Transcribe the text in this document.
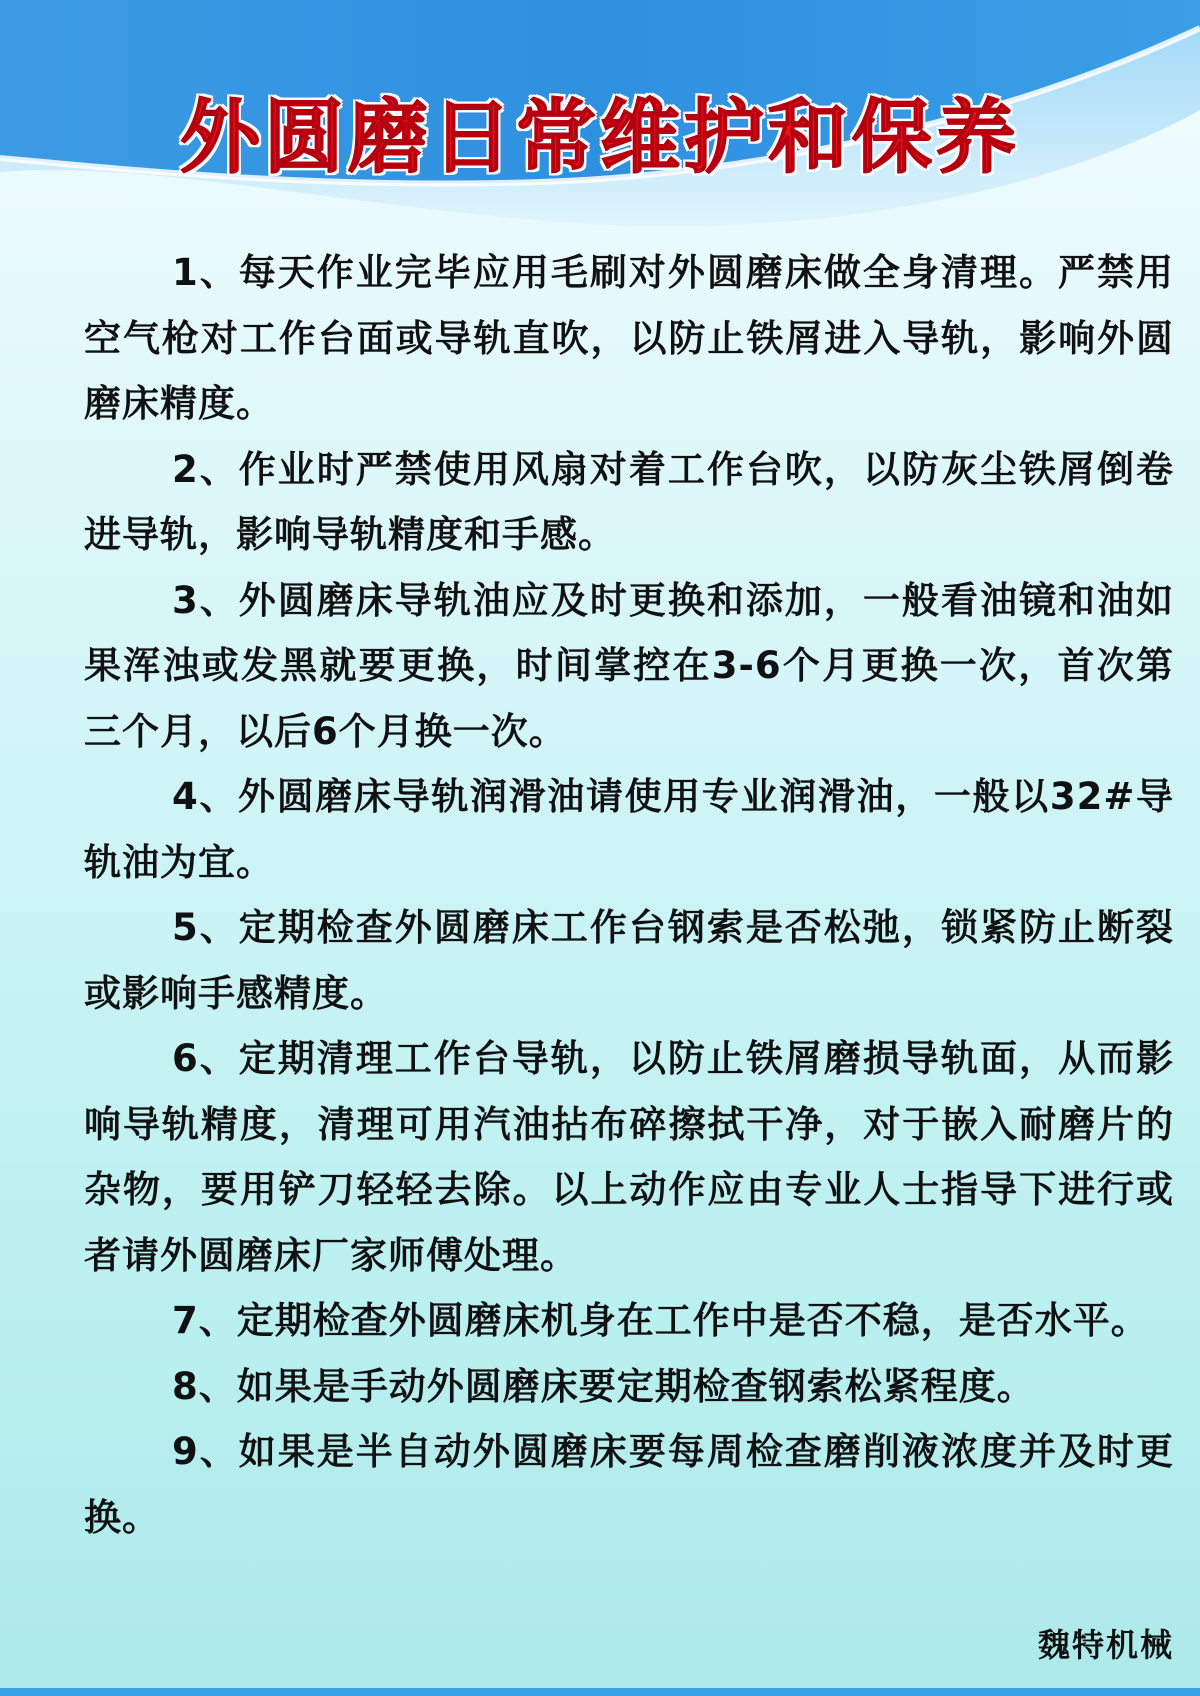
外圆磨日常维护和保养

1、每天作业完毕应用毛刷对外圆磨床做全身清理。严禁用空气枪对工作台面或导轨直吹，以防止铁屑进入导轨，影响外圆磨床精度。

2、作业时严禁使用风扇对着工作台吹，以防灰尘铁屑倒卷进导轨，影响导轨精度和手感。

3、外圆磨床导轨油应及时更换和添加，一般看油镜和油如果浑浊或发黑就要更换，时间掌控在3-6个月更换一次，首次第三个月，以后6个月换一次。

4、外圆磨床导轨润滑油请使用专业润滑油，一般以32#导轨油为宜。

5、定期检查外圆磨床工作台钢索是否松弛，锁紧防止断裂或影响手感精度。

6、定期清理工作台导轨，以防止铁屑磨损导轨面，从而影响导轨精度，清理可用汽油拈布碎擦拭干净，对于嵌入耐磨片的杂物，要用铲刀轻轻去除。以上动作应由专业人士指导下进行或者请外圆磨床厂家师傅处理。

7、定期检查外圆磨床机身在工作中是否不稳，是否水平。

8、如果是手动外圆磨床要定期检查钢索松紧程度。

9、如果是半自动外圆磨床要每周检查磨削液浓度并及时更换。

魏特机械
